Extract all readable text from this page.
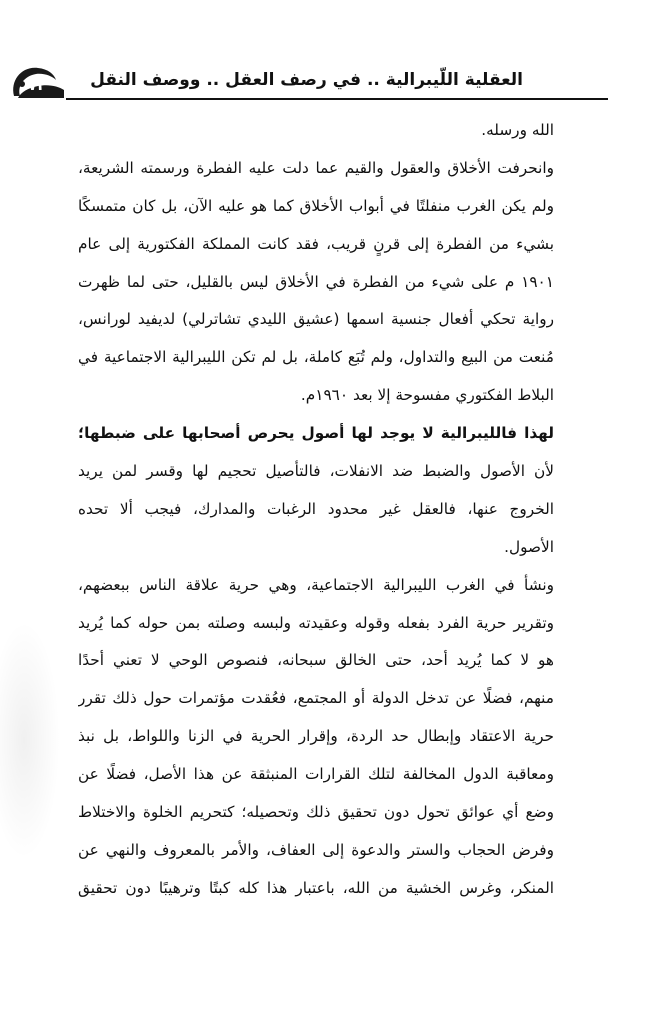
٧٣	العقلية اللّيبرالية .. في رصف العقل .. ووصف النقل
الله ورسله.
وانحرفت الأخلاق والعقول والقيم عما دلت عليه الفطرة ورسمته الشريعة،
ولم يكن الغرب منفلتًا في أبواب الأخلاق كما هو عليه الآن، بل كان متمسكًا
بشيء من الفطرة إلى قرنٍ قريب، فقد كانت المملكة الفكتورية إلى عام
١٩٠١ م على شيء من الفطرة في الأخلاق ليس بالقليل، حتى لما ظهرت
رواية تحكي أفعال جنسية اسمها (عشيق الليدي تشاترلي) لديفيد لورانس،
مُنعت من البيع والتداول، ولم تُبَع كاملة، بل لم تكن الليبرالية الاجتماعية في
البلاط الفكتوري مفسوحة إلا بعد ١٩٦٠م.
لهذا فالليبرالية لا يوجد لها أصول يحرص أصحابها على ضبطها؛
لأن الأصول والضبط ضد الانفلات، فالتأصيل تحجيم لها وقسر لمن يريد
الخروج عنها، فالعقل غير محدود الرغبات والمدارك، فيجب ألا تحده
الأصول.
ونشأ في الغرب الليبرالية الاجتماعية، وهي حرية علاقة الناس ببعضهم،
وتقرير حرية الفرد بفعله وقوله وعقيدته ولبسه وصلته بمن حوله كما يُريد
هو لا كما يُريد أحد، حتى الخالق سبحانه، فنصوص الوحي لا تعني أحدًا
منهم، فضلًا عن تدخل الدولة أو المجتمع، فعُقدت مؤتمرات حول ذلك تقرر
حرية الاعتقاد وإبطال حد الردة، وإقرار الحرية في الزنا واللواط، بل نبذ
ومعاقبة الدول المخالفة لتلك القرارات المنبثقة عن هذا الأصل، فضلًا عن
وضع أي عوائق تحول دون تحقيق ذلك وتحصيله؛ كتحريم الخلوة والاختلاط
وفرض الحجاب والستر والدعوة إلى العفاف، والأمر بالمعروف والنهي عن
المنكر، وغرس الخشية من الله، باعتبار هذا كله كبتًا وترهيبًا دون تحقيق
